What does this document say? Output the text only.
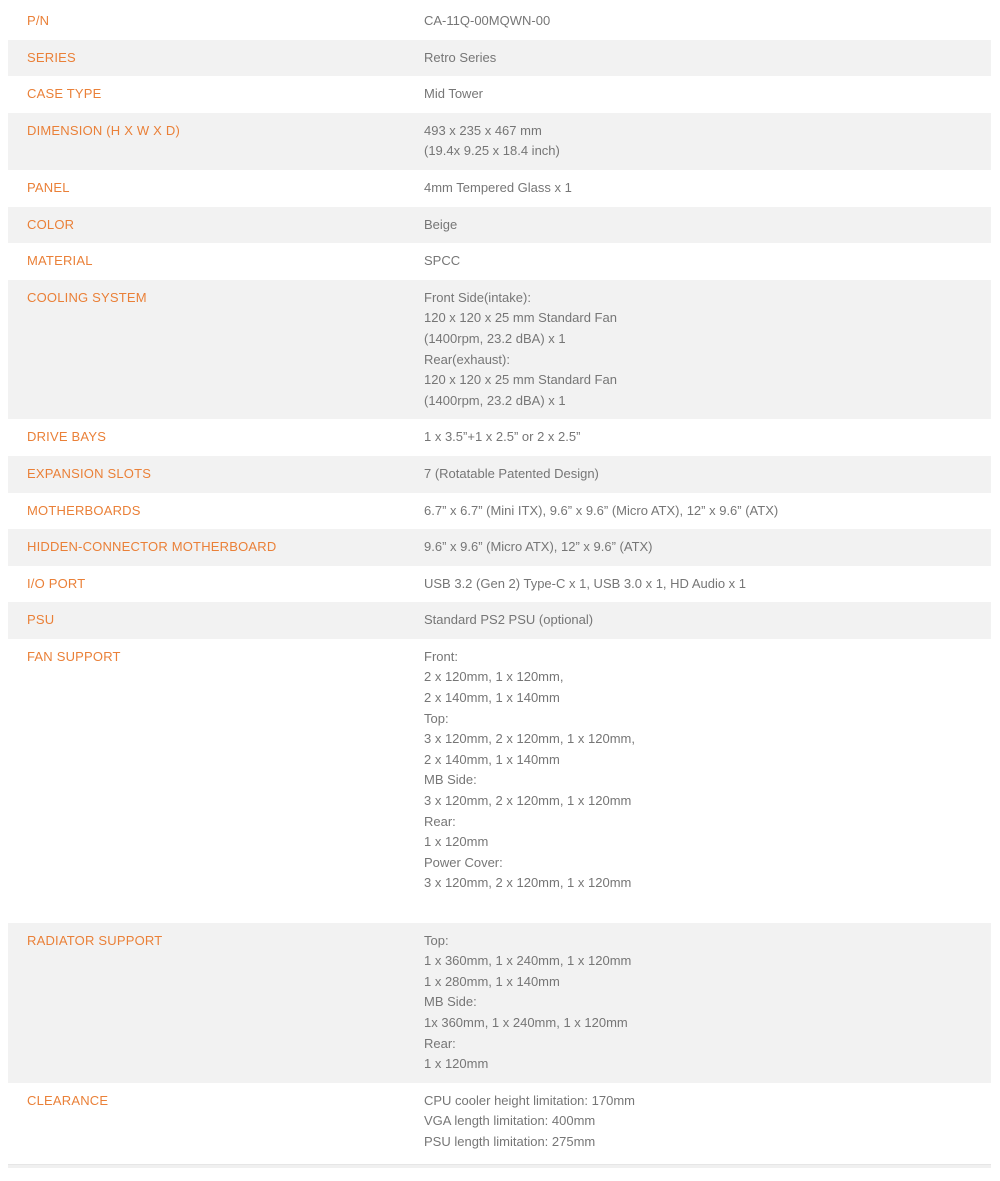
P/N	CA-11Q-00MQWN-00
SERIES	Retro Series
CASE TYPE	Mid Tower
DIMENSION (H X W X D)	493 x 235 x 467 mm
(19.4x 9.25 x 18.4 inch)
PANEL	4mm Tempered Glass x 1
COLOR	Beige
MATERIAL	SPCC
COOLING SYSTEM	Front Side(intake):
120 x 120 x 25 mm Standard Fan
(1400rpm, 23.2 dBA) x 1
Rear(exhaust):
120 x 120 x 25 mm Standard Fan
(1400rpm, 23.2 dBA) x 1
DRIVE BAYS	1 x 3.5”+1 x 2.5” or 2 x 2.5”
EXPANSION SLOTS	7 (Rotatable Patented Design)
MOTHERBOARDS	6.7” x 6.7” (Mini ITX), 9.6” x 9.6” (Micro ATX), 12” x 9.6” (ATX)
HIDDEN-CONNECTOR MOTHERBOARD	9.6” x 9.6” (Micro ATX), 12” x 9.6” (ATX)
I/O PORT	USB 3.2 (Gen 2) Type-C x 1, USB 3.0 x 1, HD Audio x 1
PSU	Standard PS2 PSU (optional)
FAN SUPPORT	Front:
2 x 120mm, 1 x 120mm,
2 x 140mm, 1 x 140mm
Top:
3 x 120mm, 2 x 120mm, 1 x 120mm,
2 x 140mm, 1 x 140mm
MB Side:
3 x 120mm, 2 x 120mm, 1 x 120mm
Rear:
1 x 120mm
Power Cover:
3 x 120mm, 2 x 120mm, 1 x 120mm
RADIATOR SUPPORT	Top:
1 x 360mm, 1 x 240mm, 1 x 120mm
1 x 280mm, 1 x 140mm
MB Side:
1x 360mm, 1 x 240mm, 1 x 120mm
Rear:
1 x 120mm
CLEARANCE	CPU cooler height limitation: 170mm
VGA length limitation: 400mm
PSU length limitation: 275mm
